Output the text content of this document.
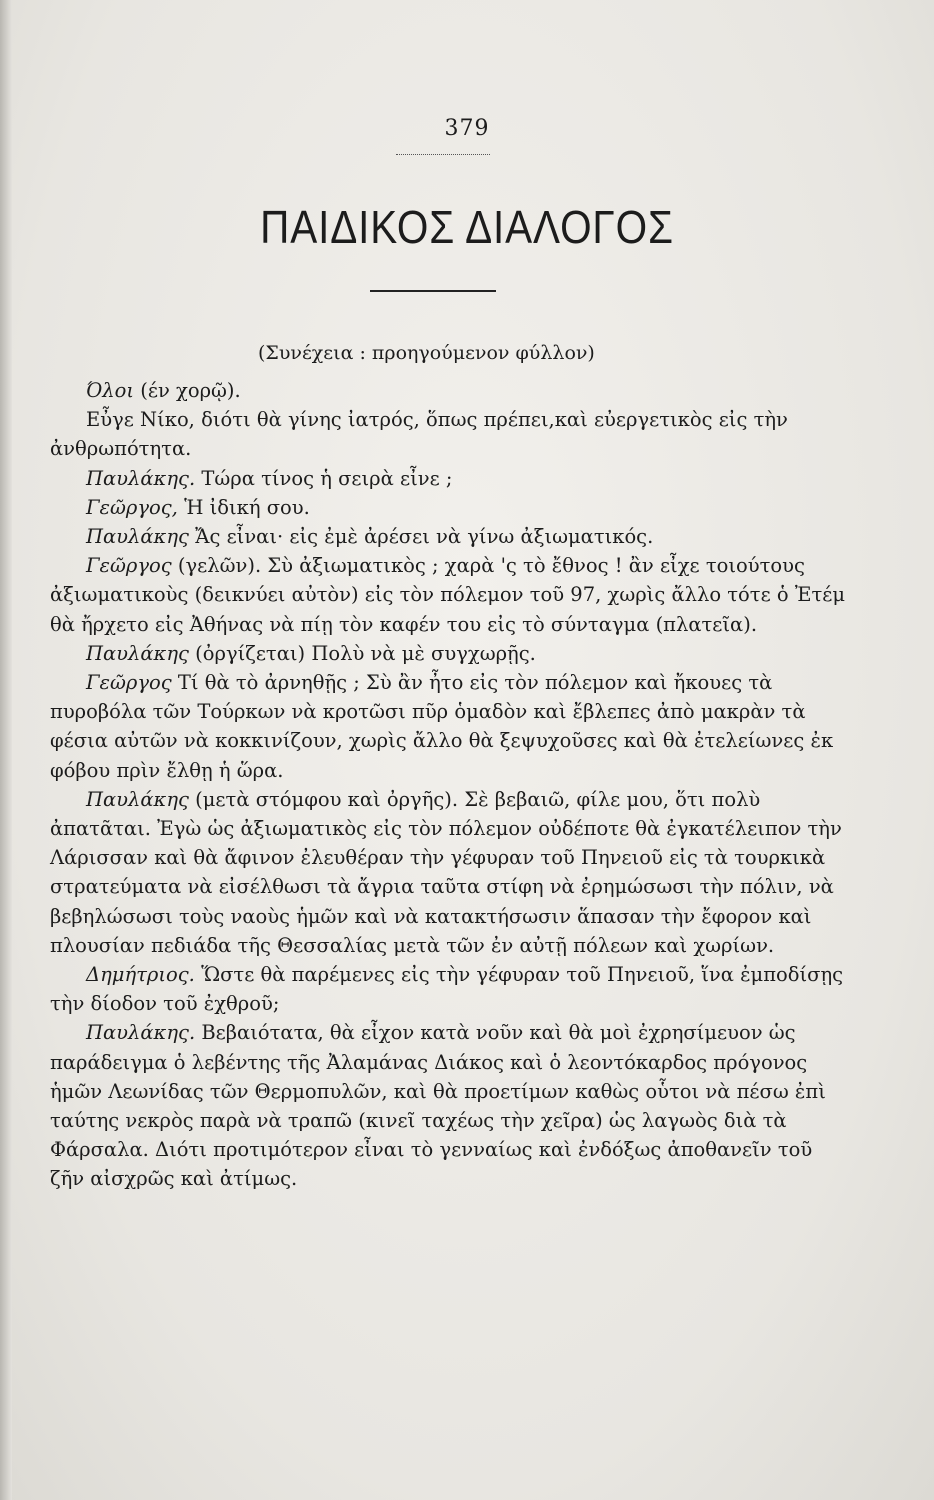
379
ΠΑΙΔΙΚΟΣ ΔΙΑΛΟΓΟΣ
(Συνέχεια : προηγούμενον φύλλον)

Όλοι (έν χορῷ).

Εὖγε Νίκο, διότι θὰ γίνης ἰατρός, ὅπως πρέπει,καὶ εὐεργετικὸς εἰς τὴν ἀνθρωπότητα.

Παυλάκης. Τώρα τίνος ἡ σειρὰ εἶνε ;

Γεῶργος, Ἡ ἰδική σου.

Παυλάκης Ἄς εἶναι· εἰς ἐμὲ ἀρέσει νὰ γίνω ἀξιωματικός.

Γεῶργος (γελῶν). Σὺ ἀξιωματικὸς ; χαρὰ 'ς τὸ ἔθνος ! ἂν εἶχε τοιούτους ἀξιωματικοὺς (δεικνύει αὐτὸν) εἰς τὸν πόλεμον τοῦ 97, χωρὶς ἄλλο τότε ὁ Ἐτέμ θὰ ἤρχετο εἰς Ἀθήνας νὰ πίῃ τὸν καφέν του εἰς τὸ σύνταγμα (πλατεῖα).

Παυλάκης (ὀργίζεται) Πολὺ νὰ μὲ συγχωρῇς.

Γεῶργος Τί θὰ τὸ ἀρνηθῇς ; Σὺ ἂν ἦτο εἰς τὸν πόλεμον καὶ ἤκουες τὰ πυροβόλα τῶν Τούρκων νὰ κροτῶσι πῦρ ὁμαδὸν καὶ ἔβλεπες ἀπὸ μακρὰν τὰ φέσια αὐτῶν νὰ κοκκινίζουν, χωρὶς ἄλλο θὰ ξεψυχοῦσες καὶ θὰ ἐτελείωνες ἐκ φόβου πρὶν ἔλθῃ ἡ ὥρα.

Παυλάκης (μετὰ στόμφου καὶ ὀργῆς). Σὲ βεβαιῶ, φίλε μου, ὅτι πολὺ ἀπατᾶται. Ἐγὼ ὡς ἀξιωματικὸς εἰς τὸν πόλεμον οὐδέποτε θὰ ἐγκατέλειπον τὴν Λάρισσαν καὶ θὰ ἄφινον ἐλευθέραν τὴν γέφυραν τοῦ Πηνειοῦ εἰς τὰ τουρκικὰ στρατεύματα νὰ εἰσέλθωσι τὰ ἄγρια ταῦτα στίφη νὰ ἐρημώσωσι τὴν πόλιν, νὰ βεβηλώσωσι τοὺς ναοὺς ἡμῶν καὶ νὰ κατακτήσωσιν ἅπασαν τὴν ἔφορον καὶ πλουσίαν πεδιάδα τῆς Θεσσαλίας μετὰ τῶν ἐν αὐτῇ πόλεων καὶ χωρίων.

Δημήτριος. Ὥστε θὰ παρέμενες εἰς τὴν γέφυραν τοῦ Πηνειοῦ, ἵνα ἐμποδίσῃς τὴν δίοδον τοῦ ἐχθροῦ;

Παυλάκης. Βεβαιότατα, θὰ εἶχον κατὰ νοῦν καὶ θὰ μοὶ ἐχρησίμευον ὡς παράδειγμα ὁ λεβέντης τῆς Ἀλαμάνας Διάκος καὶ ὁ λεοντόκαρδος πρόγονος ἡμῶν Λεωνίδας τῶν Θερμοπυλῶν, καὶ θὰ προετίμων καθὼς οὗτοι νὰ πέσω ἐπὶ ταύτης νεκρὸς παρὰ νὰ τραπῶ (κινεῖ ταχέως τὴν χεῖρα) ὡς λαγωὸς διὰ τὰ Φάρσαλα. Διότι προτιμότερον εἶναι τὸ γενναίως καὶ ἐνδόξως ἀποθανεῖν τοῦ ζῆν αἰσχρῶς καὶ ἀτίμως.
